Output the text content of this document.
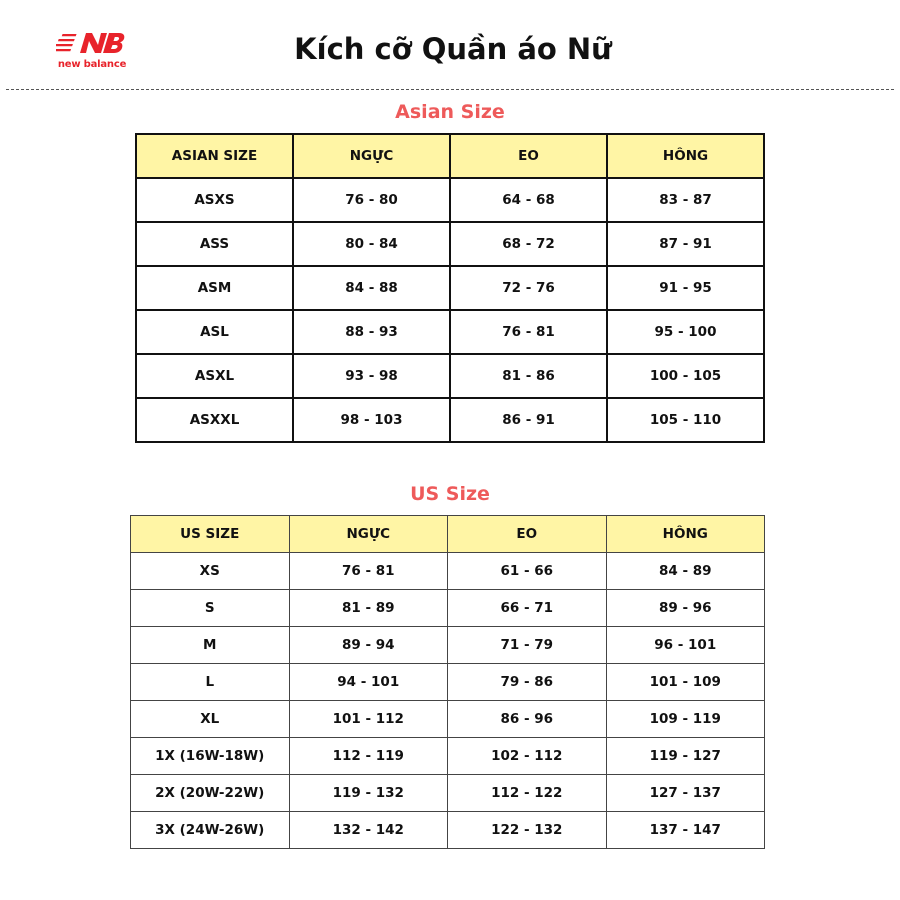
new balance	Kích cỡ Quần áo Nữ
Asian Size
ASIAN SIZE	NGỰC	EO	HÔNG
ASXS	76 - 80	64 - 68	83 - 87
ASS	80 - 84	68 - 72	87 - 91
ASM	84 - 88	72 - 76	91 - 95
ASL	88 - 93	76 - 81	95 - 100
ASXL	93 - 98	81 - 86	100 - 105
ASXXL	98 - 103	86 - 91	105 - 110
US Size
US SIZE	NGỰC	EO	HÔNG
XS	76 - 81	61 - 66	84 - 89
S	81 - 89	66 - 71	89 - 96
M	89 - 94	71 - 79	96 - 101
L	94 - 101	79 - 86	101 - 109
XL	101 - 112	86 - 96	109 - 119
1X (16W-18W)	112 - 119	102 - 112	119 - 127
2X (20W-22W)	119 - 132	112 - 122	127 - 137
3X (24W-26W)	132 - 142	122 - 132	137 - 147
